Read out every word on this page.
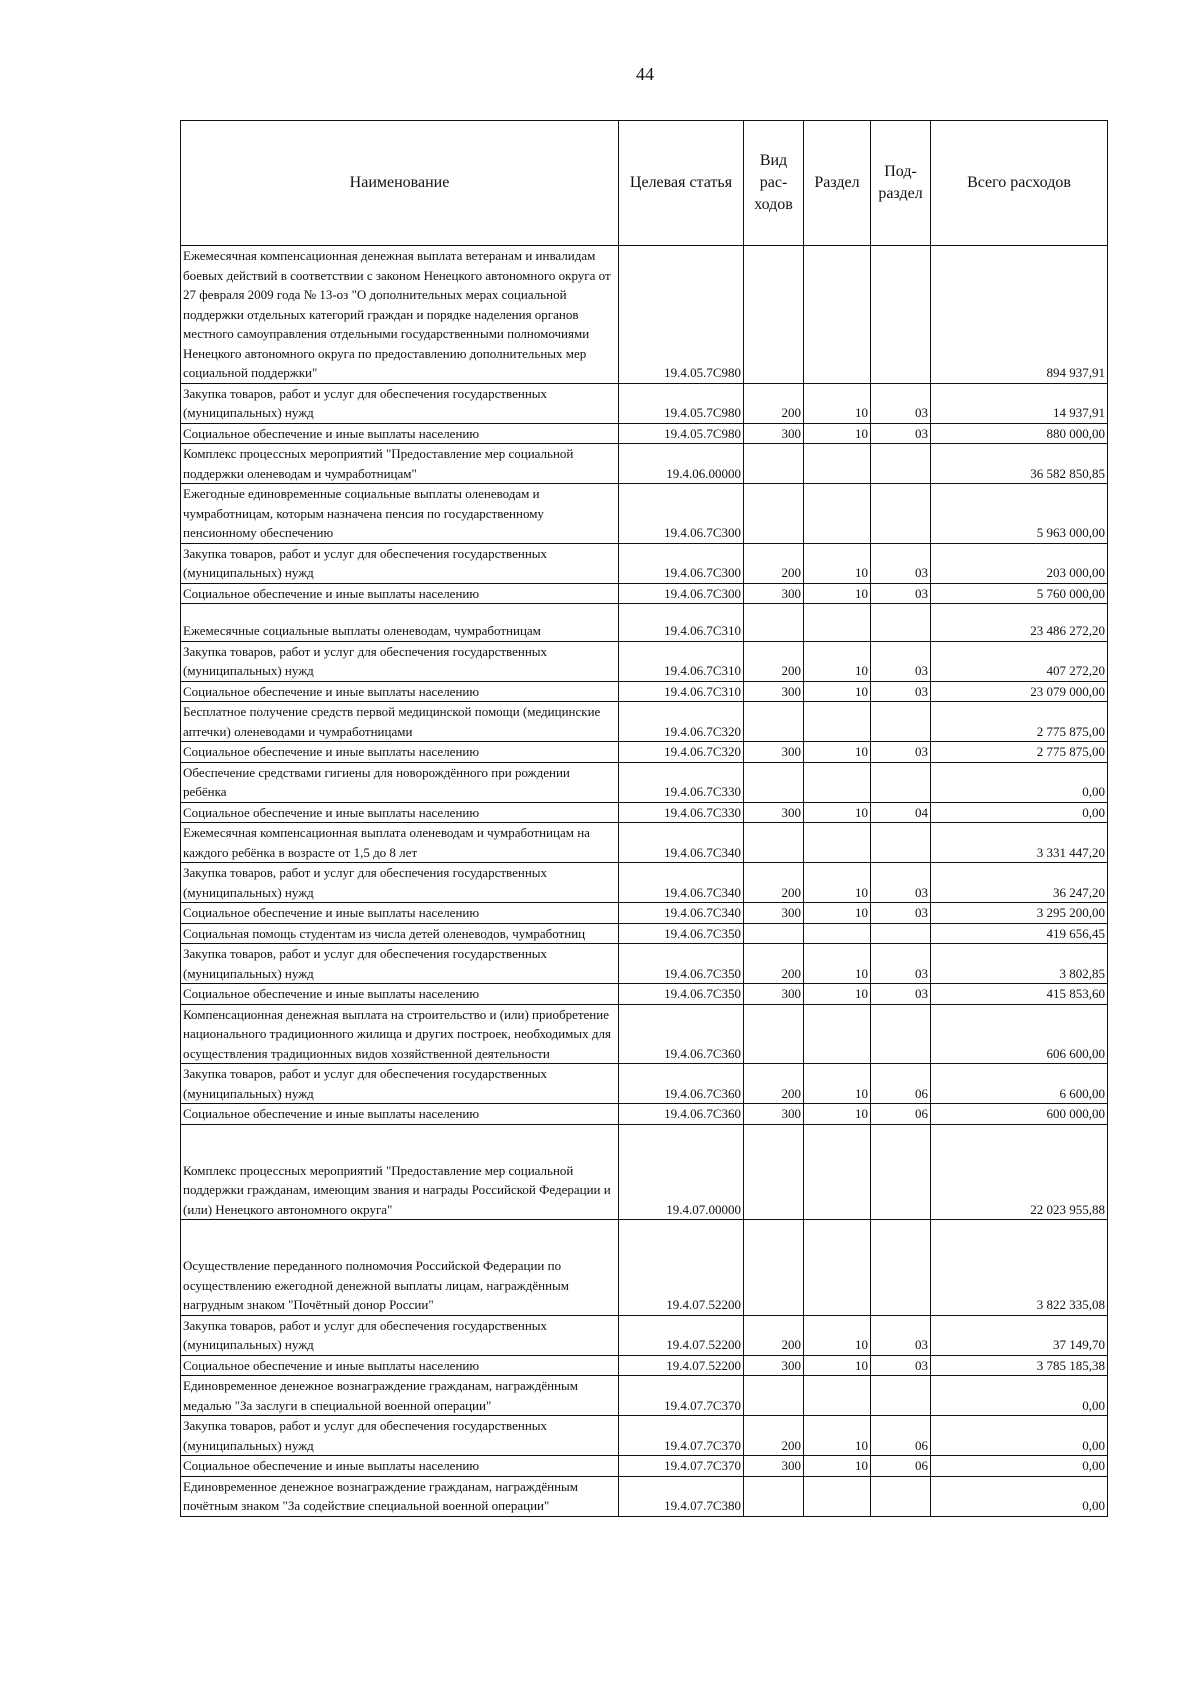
44
Наименование	Целевая статья	Вид рас- ходов	Раздел	Под- раздел	Всего расходов
Ежемесячная компенсационная денежная выплата ветеранам и инвалидам боевых действий в соответствии с законом Ненецкого автономного округа от 27 февраля 2009 года № 13-оз "О дополнительных мерах социальной поддержки отдельных категорий граждан и порядке наделения органов местного самоуправления отдельными государственными полномочиями Ненецкого автономного округа по предоставлению дополнительных мер социальной поддержки"	19.4.05.7С980				894 937,91
Закупка товаров, работ и услуг для обеспечения государственных (муниципальных) нужд	19.4.05.7С980	200	10	03	14 937,91
Социальное обеспечение и иные выплаты населению	19.4.05.7С980	300	10	03	880 000,00
Комплекс процессных мероприятий "Предоставление мер социальной поддержки оленеводам и чумработницам"	19.4.06.00000				36 582 850,85
Ежегодные единовременные социальные выплаты оленеводам и чумработницам, которым назначена пенсия по государственному пенсионному обеспечению	19.4.06.7С300				5 963 000,00
Закупка товаров, работ и услуг для обеспечения государственных (муниципальных) нужд	19.4.06.7С300	200	10	03	203 000,00
Социальное обеспечение и иные выплаты населению	19.4.06.7С300	300	10	03	5 760 000,00
Ежемесячные социальные выплаты оленеводам, чумработницам	19.4.06.7С310				23 486 272,20
Закупка товаров, работ и услуг для обеспечения государственных (муниципальных) нужд	19.4.06.7С310	200	10	03	407 272,20
Социальное обеспечение и иные выплаты населению	19.4.06.7С310	300	10	03	23 079 000,00
Бесплатное получение средств первой медицинской помощи (медицинские аптечки) оленеводами и чумработницами	19.4.06.7С320				2 775 875,00
Социальное обеспечение и иные выплаты населению	19.4.06.7С320	300	10	03	2 775 875,00
Обеспечение средствами гигиены для новорождённого при рождении ребёнка	19.4.06.7С330				0,00
Социальное обеспечение и иные выплаты населению	19.4.06.7С330	300	10	04	0,00
Ежемесячная компенсационная выплата оленеводам и чумработницам на каждого ребёнка в возрасте от 1,5 до 8 лет	19.4.06.7С340				3 331 447,20
Закупка товаров, работ и услуг для обеспечения государственных (муниципальных) нужд	19.4.06.7С340	200	10	03	36 247,20
Социальное обеспечение и иные выплаты населению	19.4.06.7С340	300	10	03	3 295 200,00
Социальная помощь студентам из числа детей оленеводов, чумработниц	19.4.06.7С350				419 656,45
Закупка товаров, работ и услуг для обеспечения государственных (муниципальных) нужд	19.4.06.7С350	200	10	03	3 802,85
Социальное обеспечение и иные выплаты населению	19.4.06.7С350	300	10	03	415 853,60
Компенсационная денежная выплата на строительство и (или) приобретение национального традиционного жилища и других построек, необходимых для осуществления традиционных видов хозяйственной деятельности	19.4.06.7С360				606 600,00
Закупка товаров, работ и услуг для обеспечения государственных (муниципальных) нужд	19.4.06.7С360	200	10	06	6 600,00
Социальное обеспечение и иные выплаты населению	19.4.06.7С360	300	10	06	600 000,00
Комплекс процессных мероприятий "Предоставление мер социальной поддержки гражданам, имеющим звания и награды Российской Федерации и (или) Ненецкого автономного округа"	19.4.07.00000				22 023 955,88
Осуществление переданного полномочия Российской Федерации по осуществлению ежегодной денежной выплаты лицам, награждённым нагрудным знаком "Почётный донор России"	19.4.07.52200				3 822 335,08
Закупка товаров, работ и услуг для обеспечения государственных (муниципальных) нужд	19.4.07.52200	200	10	03	37 149,70
Социальное обеспечение и иные выплаты населению	19.4.07.52200	300	10	03	3 785 185,38
Единовременное денежное вознаграждение гражданам, награждённым медалью "За заслуги в специальной военной операции"	19.4.07.7С370				0,00
Закупка товаров, работ и услуг для обеспечения государственных (муниципальных) нужд	19.4.07.7С370	200	10	06	0,00
Социальное обеспечение и иные выплаты населению	19.4.07.7С370	300	10	06	0,00
Единовременное денежное вознаграждение гражданам, награждённым почётным знаком "За содействие специальной военной операции"	19.4.07.7С380				0,00
